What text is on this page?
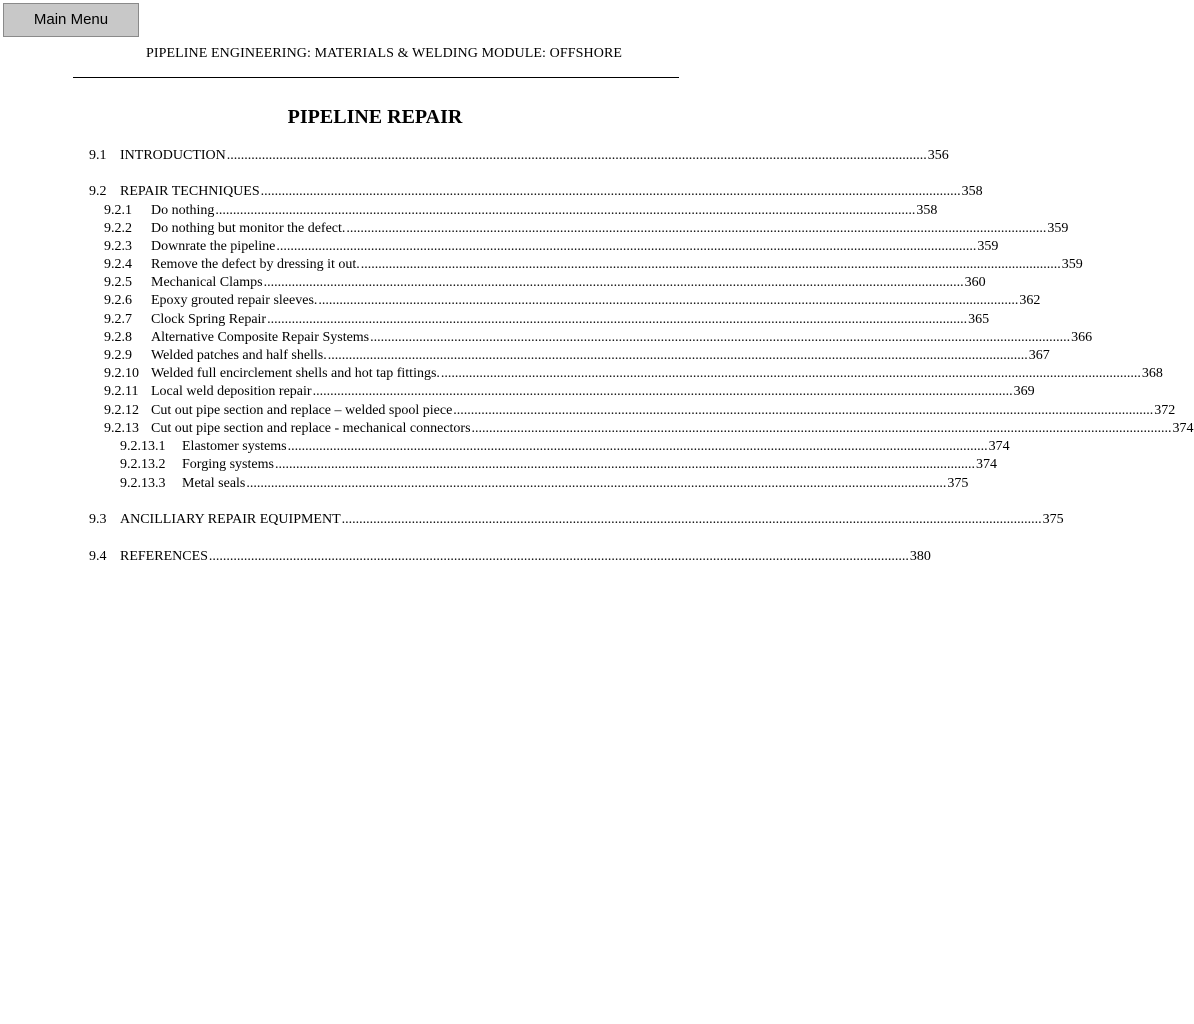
Main Menu
PIPELINE ENGINEERING: MATERIALS & WELDING MODULE: OFFSHORE
PIPELINE REPAIR
9.1 INTRODUCTION ........................................................................................................................................................................................................ 356
9.2 REPAIR TECHNIQUES ........................................................................................................................................................................................................ 358
9.2.1	Do nothing ........................................................................................................................................................................................................ 358
9.2.2	Do nothing but monitor the defect. ........................................................................................................................................................................................................ 359
9.2.3	Downrate the pipeline ........................................................................................................................................................................................................ 359
9.2.4	Remove the defect by dressing it out. ........................................................................................................................................................................................................ 359
9.2.5	Mechanical Clamps ........................................................................................................................................................................................................ 360
9.2.6	Epoxy grouted repair sleeves. ........................................................................................................................................................................................................ 362
9.2.7	Clock Spring Repair ........................................................................................................................................................................................................ 365
9.2.8	Alternative Composite Repair Systems ........................................................................................................................................................................................................ 366
9.2.9	Welded patches and half shells. ........................................................................................................................................................................................................ 367
9.2.10 Welded full encirclement shells and hot tap fittings. ........................................................................................................................................................................................................ 368
9.2.11 Local weld deposition repair ........................................................................................................................................................................................................ 369
9.2.12 Cut out pipe section and replace – welded spool piece ........................................................................................................................................................................................................ 372
9.2.13 Cut out pipe section and replace - mechanical connectors ........................................................................................................................................................................................................ 374
9.2.13.1	Elastomer systems ........................................................................................................................................................................................................ 374
9.2.13.2	Forging systems ........................................................................................................................................................................................................ 374
9.2.13.3	Metal seals ........................................................................................................................................................................................................ 375
9.3 ANCILLIARY REPAIR EQUIPMENT ........................................................................................................................................................................................................ 375
9.4 REFERENCES ........................................................................................................................................................................................................ 380
